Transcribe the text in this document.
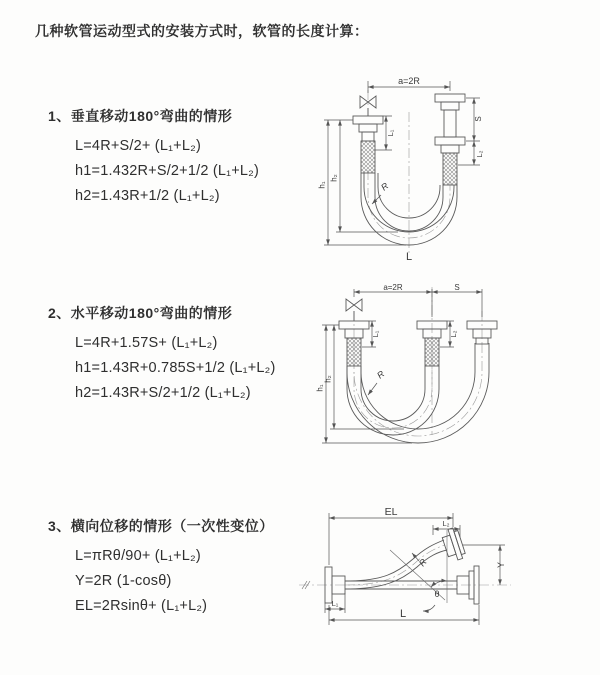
几种软管运动型式的安装方式时，软管的长度计算：
1、垂直移动180°弯曲的情形
L=4R+S/2+ (L₁+L₂)
h1=1.432R+S/2+1/2 (L₁+L₂)
h2=1.43R+1/2 (L₁+L₂)
2、水平移动180°弯曲的情形
L=4R+1.57S+ (L₁+L₂)
h1=1.43R+0.785S+1/2 (L₁+L₂)
h2=1.43R+S/2+1/2 (L₁+L₂)
3、横向位移的情形（一次性变位）
L=πRθ/90+ (L₁+L₂)
Y=2R (1-cosθ)
EL=2Rsinθ+ (L₁+L₂)
a=2R
h₁
h₂
L₁
S
L₂
R
L
a=2R	S
h₁
h₂
L₁	L₂
R
θ
EL
L₂
Y
R
L₁
L
